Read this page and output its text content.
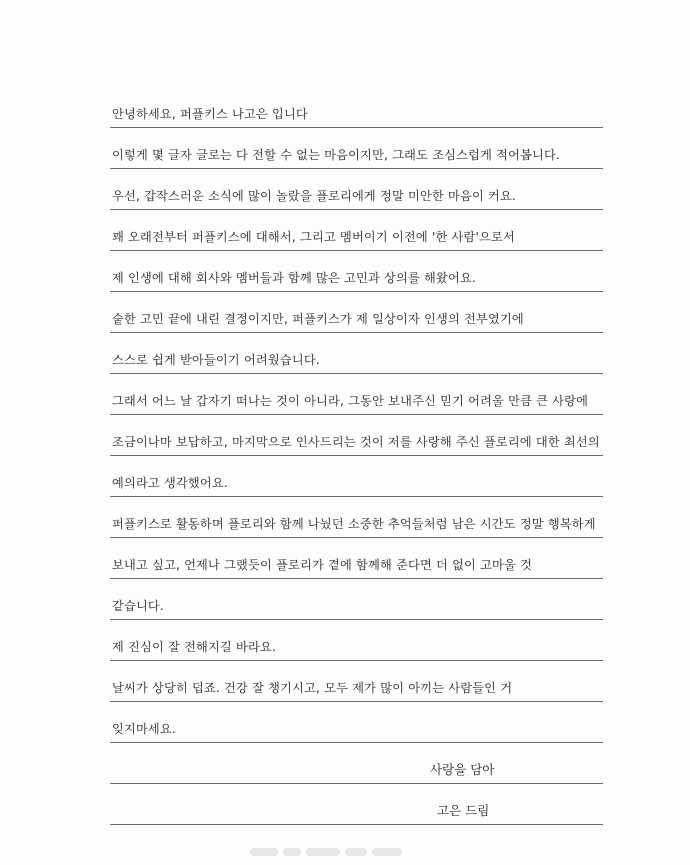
안녕하세요, 퍼플키스 나고은 입니다
이렇게 몇 글자 글로는 다 전할 수 없는 마음이지만, 그래도 조심스럽게 적어봅니다.
우선, 갑작스러운 소식에 많이 놀랐을 플로리에게 정말 미안한 마음이 커요.
꽤 오래전부터 퍼플키스에 대해서, 그리고 멤버이기 이전에 '한 사람'으로서
제 인생에 대해 회사와 멤버들과 함께 많은 고민과 상의를 해왔어요.
숱한 고민 끝에 내린 결정이지만, 퍼플키스가 제 일상이자 인생의 전부였기에
스스로 쉽게 받아들이기 어려웠습니다.
그래서 어느 날 갑자기 떠나는 것이 아니라, 그동안 보내주신 믿기 어려울 만큼 큰 사랑에
조금이나마 보답하고, 마지막으로 인사드리는 것이 저를 사랑해 주신 플로리에 대한 최선의
예의라고 생각했어요.
퍼플키스로 활동하며 플로리와 함께 나눴던 소중한 추억들처럼 남은 시간도 정말 행복하게
보내고 싶고, 언제나 그랬듯이 플로리가 곁에 함께해 준다면 더 없이 고마울 것
같습니다.
제 진심이 잘 전해지길 바라요.
날씨가 상당히 덥죠. 건강 잘 챙기시고, 모두 제가 많이 아끼는 사람들인 거
잊지마세요.
사랑을 담아
고은 드림
